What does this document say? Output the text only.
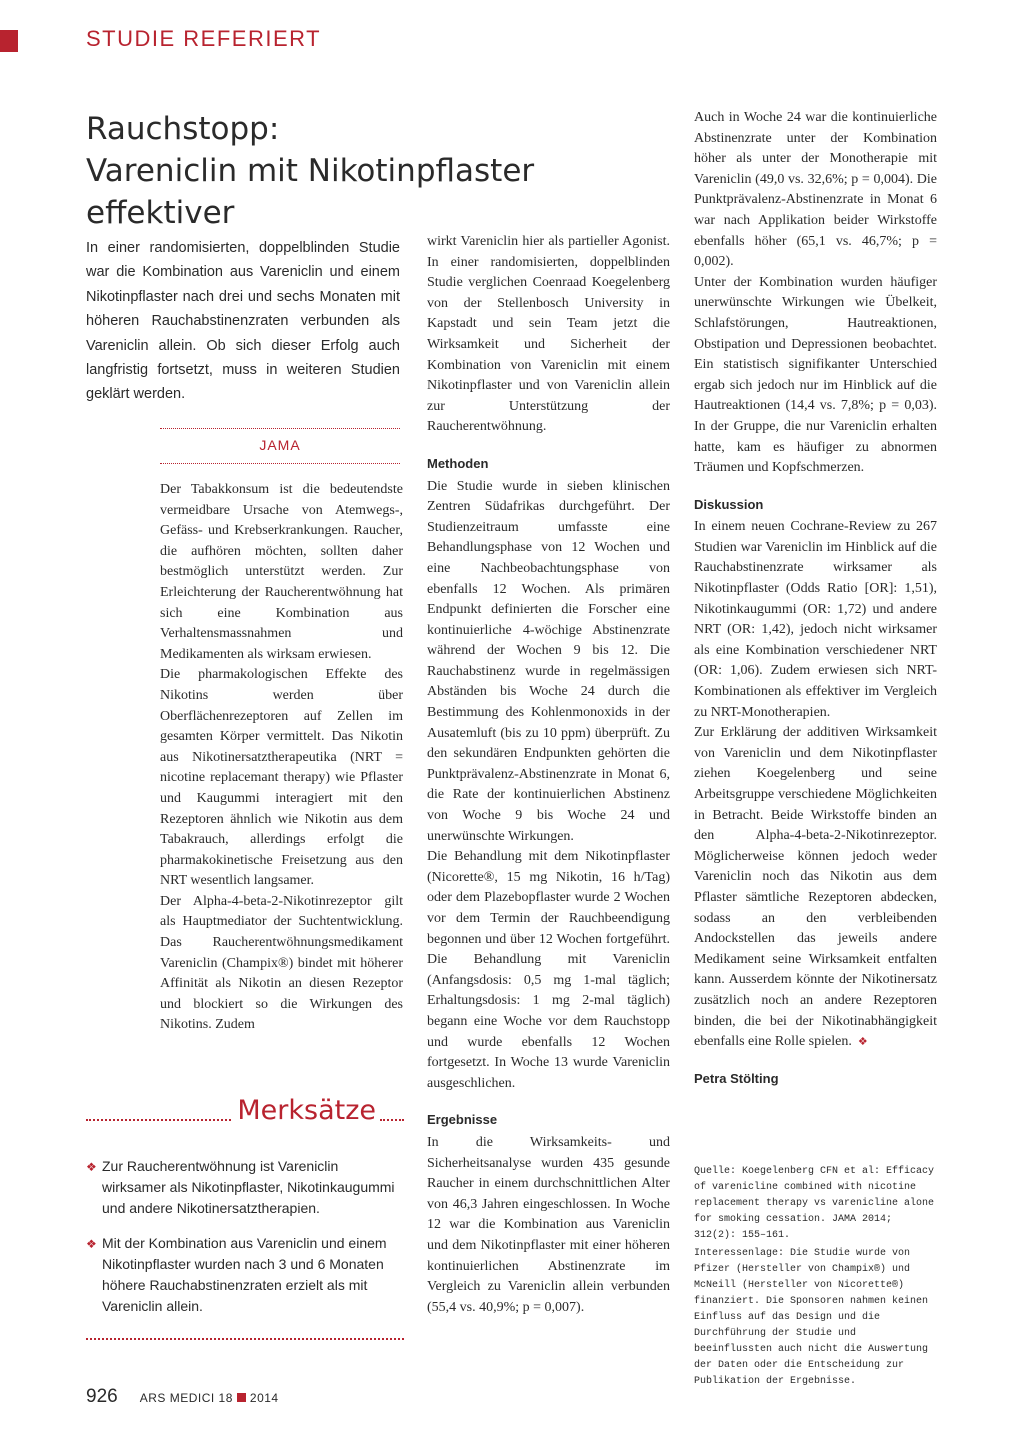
STUDIE REFERIERT
Rauchstopp:
Vareniclin mit Nikotinpflaster effektiver
In einer randomisierten, doppelblinden Studie war die Kombination aus Vareniclin und einem Nikotinpflaster nach drei und sechs Monaten mit höheren Rauchabstinenzraten verbunden als Vareniclin allein. Ob sich dieser Erfolg auch langfristig fortsetzt, muss in weiteren Studien geklärt werden.
JAMA

Der Tabakkonsum ist die bedeutendste vermeidbare Ursache von Atemwegs-, Gefäss- und Krebserkrankungen. Raucher, die aufhören möchten, sollten daher bestmöglich unterstützt werden. Zur Erleichterung der Raucherentwöhnung hat sich eine Kombination aus Verhaltensmassnahmen und Medikamenten als wirksam erwiesen.

Die pharmakologischen Effekte des Nikotins werden über Oberflächenrezeptoren auf Zellen im gesamten Körper vermittelt. Das Nikotin aus Nikotinersatztherapeutika (NRT = nicotine replacemant therapy) wie Pflaster und Kaugummi interagiert mit den Rezeptoren ähnlich wie Nikotin aus dem Tabakrauch, allerdings erfolgt die pharmakokinetische Freisetzung aus den NRT wesentlich langsamer.

Der Alpha-4-beta-2-Nikotinrezeptor gilt als Hauptmediator der Suchtentwicklung. Das Raucherentwöhnungsmedikament Vareniclin (Champix®) bindet mit höherer Affinität als Nikotin an diesen Rezeptor und blockiert so die Wirkungen des Nikotins. Zudem

wirkt Vareniclin hier als partieller Agonist. In einer randomisierten, doppelblinden Studie verglichen Coenraad Koegelenberg von der Stellenbosch University in Kapstadt und sein Team jetzt die Wirksamkeit und Sicherheit der Kombination von Vareniclin mit einem Nikotinpflaster und von Vareniclin allein zur Unterstützung der Raucherentwöhnung.

Methoden

Die Studie wurde in sieben klinischen Zentren Südafrikas durchgeführt. Der Studienzeitraum umfasste eine Behandlungsphase von 12 Wochen und eine Nachbeobachtungsphase von ebenfalls 12 Wochen. Als primären Endpunkt definierten die Forscher eine kontinuierliche 4-wöchige Abstinenzrate während der Wochen 9 bis 12. Die Rauchabstinenz wurde in regelmässigen Abständen bis Woche 24 durch die Bestimmung des Kohlenmonoxids in der Ausatemluft (bis zu 10 ppm) überprüft. Zu den sekundären Endpunkten gehörten die Punktprävalenz-Abstinenzrate in Monat 6, die Rate der kontinuierlichen Abstinenz von Woche 9 bis Woche 24 und unerwünschte Wirkungen.

Die Behandlung mit dem Nikotinpflaster (Nicorette®, 15 mg Nikotin, 16 h/Tag) oder dem Plazebopflaster wurde 2 Wochen vor dem Termin der Rauchbeendigung begonnen und über 12 Wochen fortgeführt. Die Behandlung mit Vareniclin (Anfangsdosis: 0,5 mg 1-mal täglich; Erhaltungsdosis: 1 mg 2-mal täglich) begann eine Woche vor dem Rauchstopp und wurde ebenfalls 12 Wochen fortgesetzt. In Woche 13 wurde Vareniclin ausgeschlichen.

Ergebnisse

In die Wirksamkeits- und Sicherheitsanalyse wurden 435 gesunde Raucher in einem durchschnittlichen Alter von 46,3 Jahren eingeschlossen. In Woche 12 war die Kombination aus Vareniclin und dem Nikotinpflaster mit einer höheren kontinuierlichen Abstinenzrate im Vergleich zu Vareniclin allein verbunden (55,4 vs. 40,9%; p = 0,007).

Auch in Woche 24 war die kontinuierliche Abstinenzrate unter der Kombination höher als unter der Monotherapie mit Vareniclin (49,0 vs. 32,6%; p = 0,004). Die Punktprävalenz-Abstinenzrate in Monat 6 war nach Applikation beider Wirkstoffe ebenfalls höher (65,1 vs. 46,7%; p = 0,002).

Unter der Kombination wurden häufiger unerwünschte Wirkungen wie Übelkeit, Schlafstörungen, Hautreaktionen, Obstipation und Depressionen beobachtet. Ein statistisch signifikanter Unterschied ergab sich jedoch nur im Hinblick auf die Hautreaktionen (14,4 vs. 7,8%; p = 0,03). In der Gruppe, die nur Vareniclin erhalten hatte, kam es häufiger zu abnormen Träumen und Kopfschmerzen.

Diskussion

In einem neuen Cochrane-Review zu 267 Studien war Vareniclin im Hinblick auf die Rauchabstinenzrate wirksamer als Nikotinpflaster (Odds Ratio [OR]: 1,51), Nikotinkaugummi (OR: 1,72) und andere NRT (OR: 1,42), jedoch nicht wirksamer als eine Kombination verschiedener NRT (OR: 1,06). Zudem erwiesen sich NRT-Kombinationen als effektiver im Vergleich zu NRT-Monotherapien.

Zur Erklärung der additiven Wirksamkeit von Vareniclin und dem Nikotinpflaster ziehen Koegelenberg und seine Arbeitsgruppe verschiedene Möglichkeiten in Betracht. Beide Wirkstoffe binden an den Alpha-4-beta-2-Nikotinrezeptor. Möglicherweise können jedoch weder Vareniclin noch das Nikotin aus dem Pflaster sämtliche Rezeptoren abdecken, sodass an den verbleibenden Andockstellen das jeweils andere Medikament seine Wirksamkeit entfalten kann. Ausserdem könnte der Nikotinersatz zusätzlich noch an andere Rezeptoren binden, die bei der Nikotinabhängigkeit ebenfalls eine Rolle spielen. ❖

Petra Stölting
Quelle: Koegelenberg CFN et al: Efficacy of varenicline combined with nicotine replacement therapy vs varenicline alone for smoking cessation. JAMA 2014; 312(2): 155–161.
Interessenlage: Die Studie wurde von Pfizer (Hersteller von Champix®) und McNeill (Hersteller von Nicorette®) finanziert. Die Sponsoren nahmen keinen Einfluss auf das Design und die Durchführung der Studie und beeinflussten auch nicht die Auswertung der Daten oder die Entscheidung zur Publikation der Ergebnisse.
Merksätze
❖ Zur Raucherentwöhnung ist Vareniclin wirksamer als Nikotinpflaster, Nikotinkaugummi und andere Nikotinersatztherapien.
❖ Mit der Kombination aus Vareniclin und einem Nikotinpflaster wurden nach 3 und 6 Monaten höhere Rauchabstinenzraten erzielt als mit Vareniclin allein.
926 ARS MEDICI 18 2014
